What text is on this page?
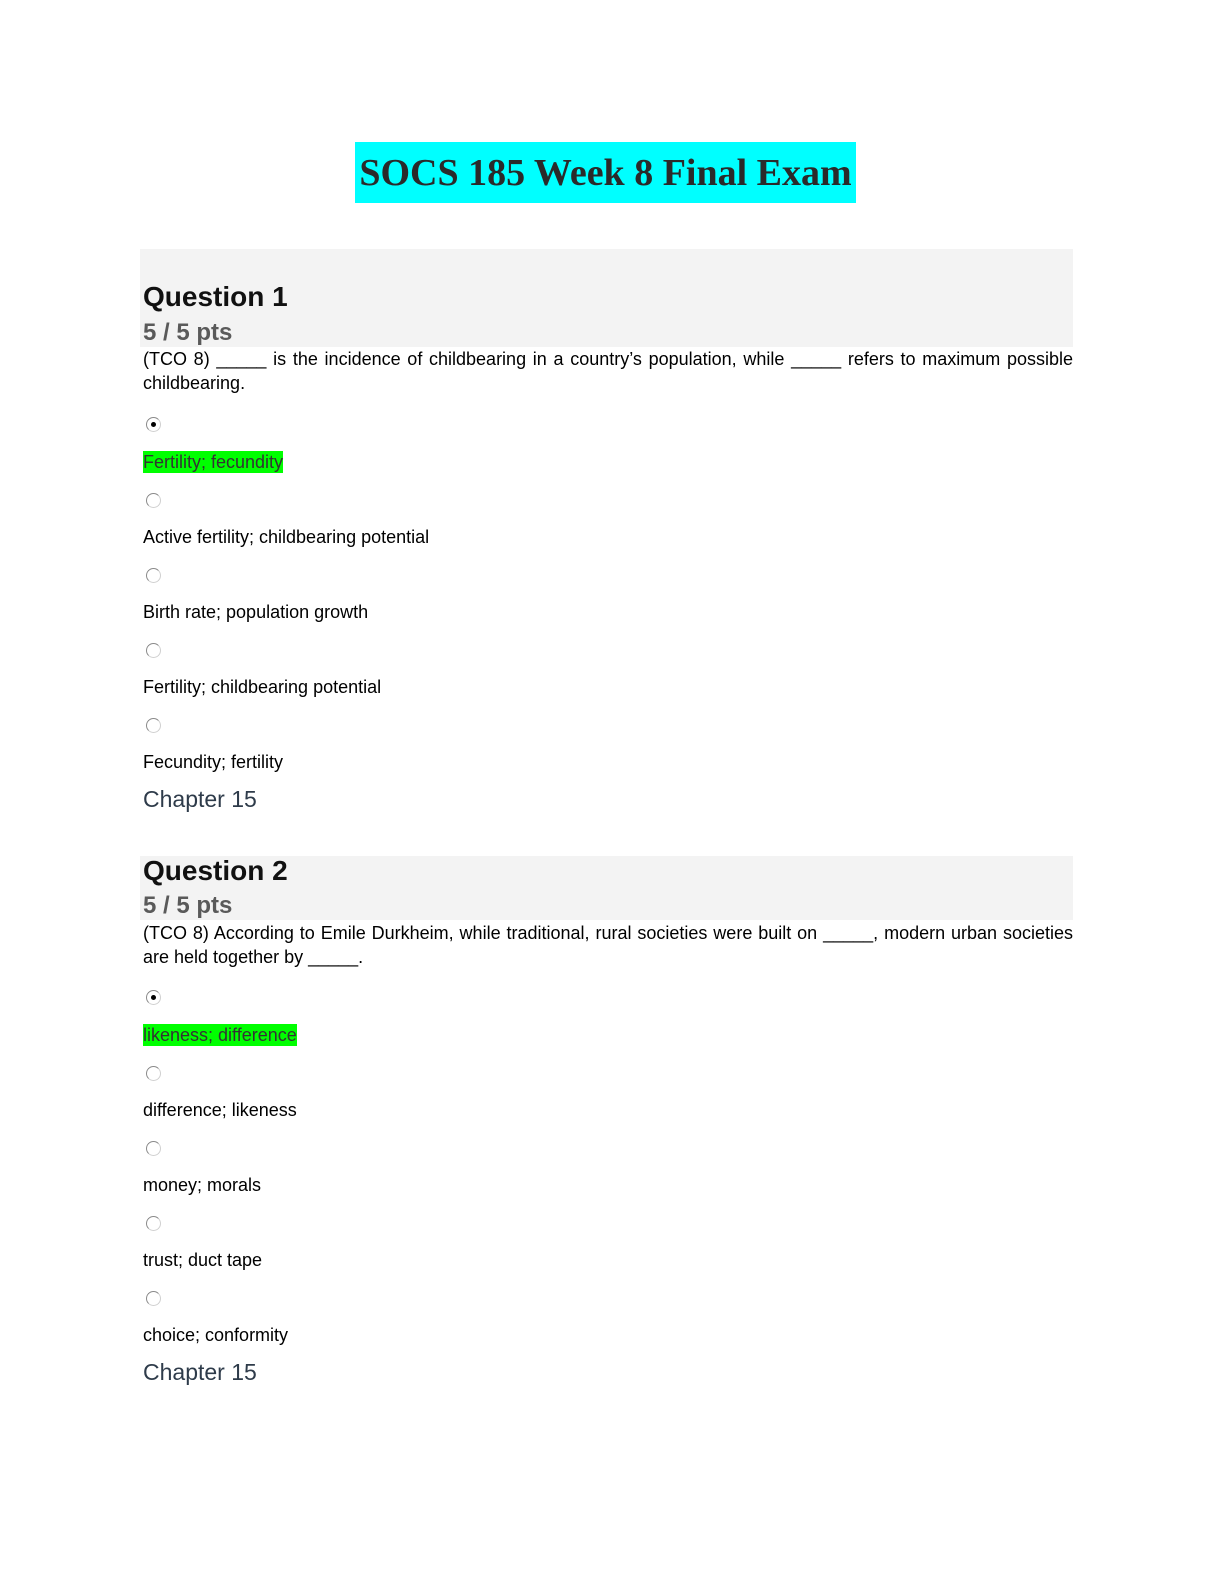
SOCS 185 Week 8 Final Exam
Question 1
5 / 5 pts
(TCO 8) _____ is the incidence of childbearing in a country’s population, while _____ refers to maximum possible childbearing.
Fertility; fecundity
Active fertility; childbearing potential
Birth rate; population growth
Fertility; childbearing potential
Fecundity; fertility
Chapter 15
Question 2
5 / 5 pts
(TCO 8) According to Emile Durkheim, while traditional, rural societies were built on _____, modern urban societies are held together by _____.
likeness; difference
difference; likeness
money; morals
trust; duct tape
choice; conformity
Chapter 15
